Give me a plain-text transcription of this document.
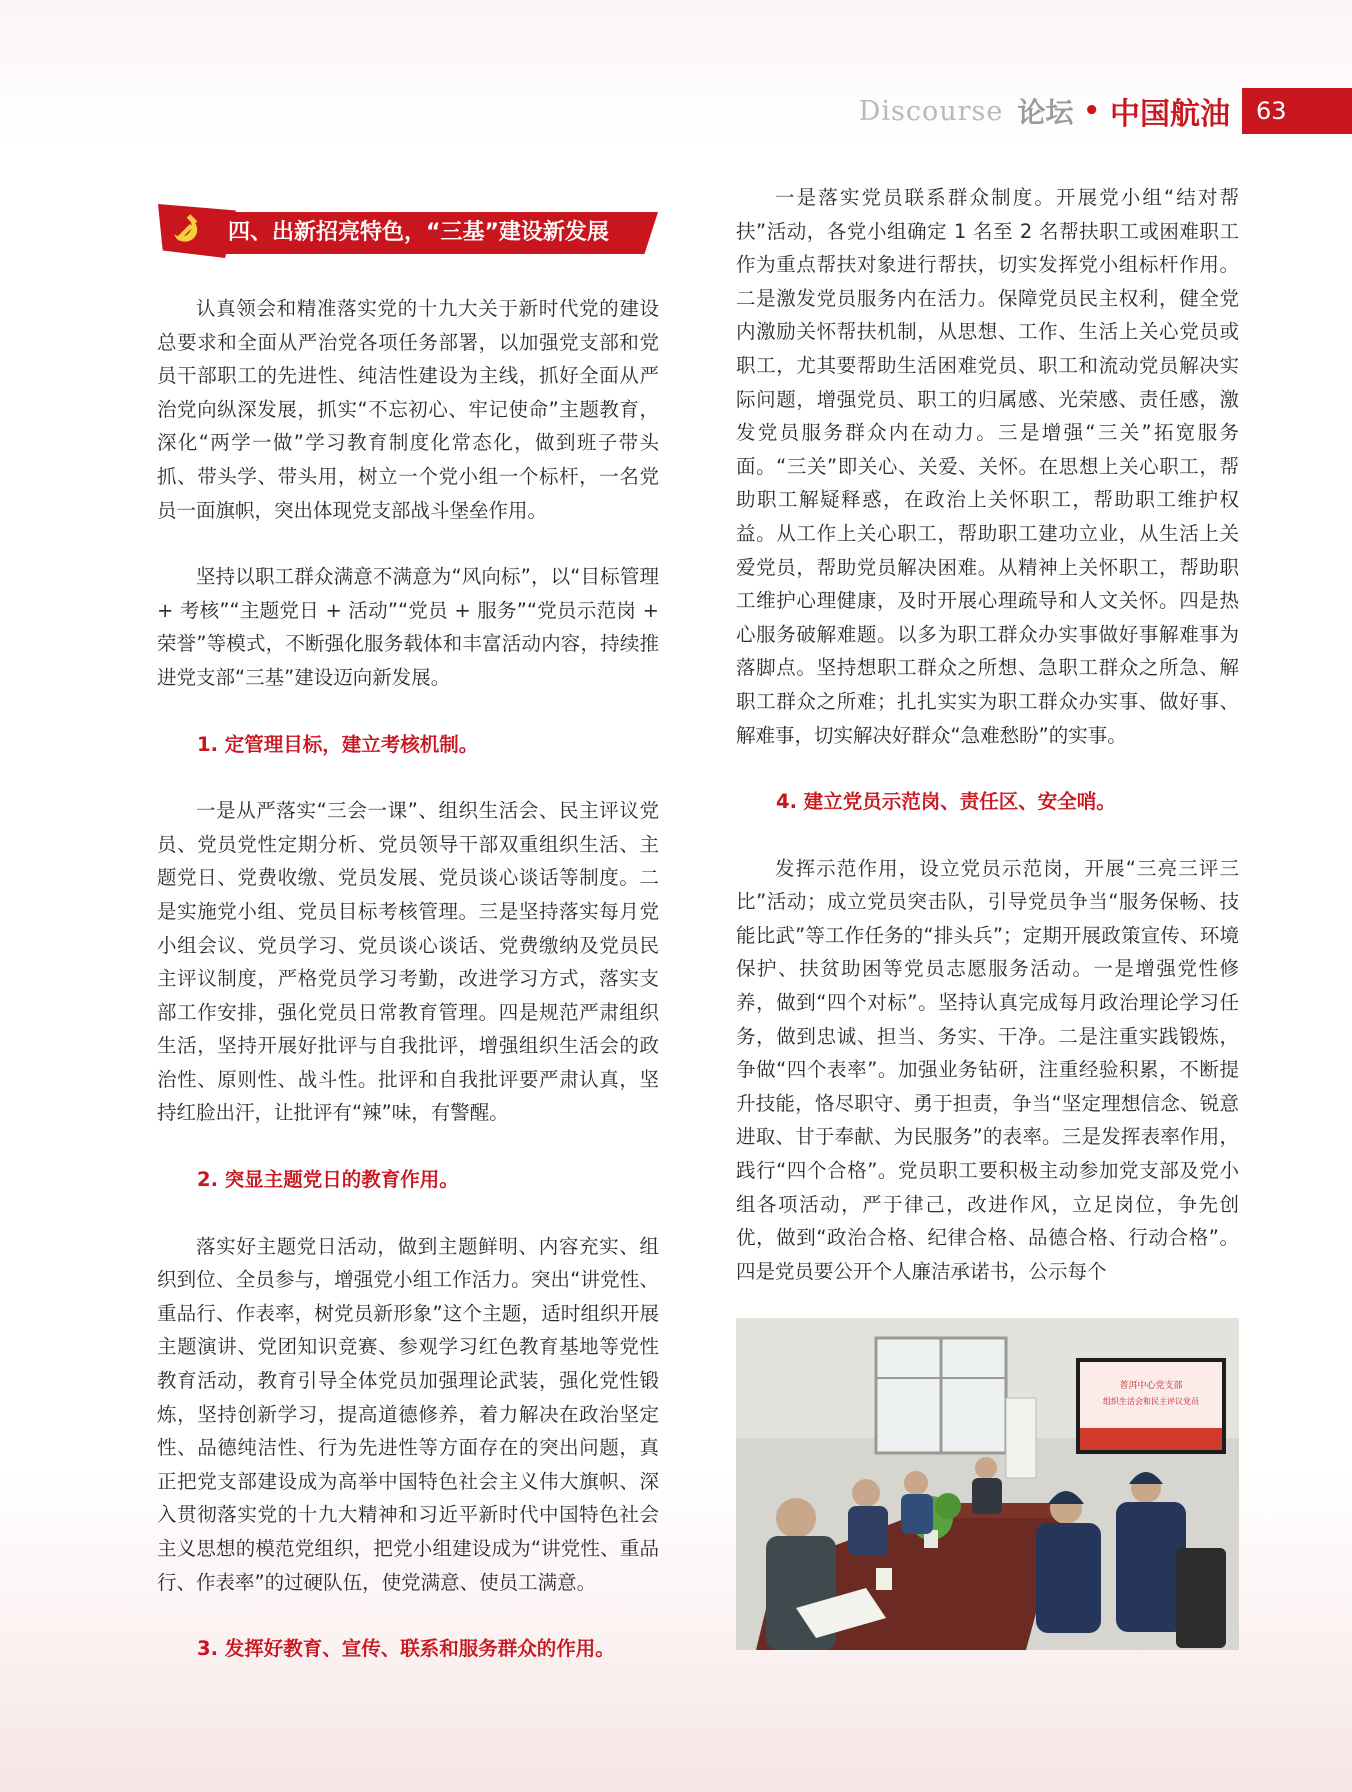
Discourse 论坛 • 中国航油	63
四、出新招亮特色，“三基”建设新发展

认真领会和精准落实党的十九大关于新时代党的建设总要求和全面从严治党各项任务部署，以加强党支部和党员干部职工的先进性、纯洁性建设为主线，抓好全面从严治党向纵深发展，抓实“不忘初心、牢记使命”主题教育，深化“两学一做”学习教育制度化常态化，做到班子带头抓、带头学、带头用，树立一个党小组一个标杆，一名党员一面旗帜，突出体现党支部战斗堡垒作用。

坚持以职工群众满意不满意为“风向标”，以“目标管理 + 考核”“主题党日 + 活动”“党员 + 服务”“党员示范岗 + 荣誉”等模式，不断强化服务载体和丰富活动内容，持续推进党支部“三基”建设迈向新发展。

1. 定管理目标，建立考核机制。

一是从严落实“三会一课”、组织生活会、民主评议党员、党员党性定期分析、党员领导干部双重组织生活、主题党日、党费收缴、党员发展、党员谈心谈话等制度。二是实施党小组、党员目标考核管理。三是坚持落实每月党小组会议、党员学习、党员谈心谈话、党费缴纳及党员民主评议制度，严格党员学习考勤，改进学习方式，落实支部工作安排，强化党员日常教育管理。四是规范严肃组织生活，坚持开展好批评与自我批评，增强组织生活会的政治性、原则性、战斗性。批评和自我批评要严肃认真，坚持红脸出汗，让批评有“辣”味，有警醒。

2. 突显主题党日的教育作用。

落实好主题党日活动，做到主题鲜明、内容充实、组织到位、全员参与，增强党小组工作活力。突出“讲党性、重品行、作表率，树党员新形象”这个主题，适时组织开展主题演讲、党团知识竞赛、参观学习红色教育基地等党性教育活动，教育引导全体党员加强理论武装，强化党性锻炼，坚持创新学习，提高道德修养，着力解决在政治坚定性、品德纯洁性、行为先进性等方面存在的突出问题，真正把党支部建设成为高举中国特色社会主义伟大旗帜、深入贯彻落实党的十九大精神和习近平新时代中国特色社会主义思想的模范党组织，把党小组建设成为“讲党性、重品行、作表率”的过硬队伍，使党满意、使员工满意。

3. 发挥好教育、宣传、联系和服务群众的作用。

一是落实党员联系群众制度。开展党小组“结对帮扶”活动，各党小组确定 1 名至 2 名帮扶职工或困难职工作为重点帮扶对象进行帮扶，切实发挥党小组标杆作用。二是激发党员服务内在活力。保障党员民主权利，健全党内激励关怀帮扶机制，从思想、工作、生活上关心党员或职工，尤其要帮助生活困难党员、职工和流动党员解决实际问题，增强党员、职工的归属感、光荣感、责任感，激发党员服务群众内在动力。三是增强“三关”拓宽服务面。“三关”即关心、关爱、关怀。在思想上关心职工，帮助职工解疑释惑，在政治上关怀职工，帮助职工维护权益。从工作上关心职工，帮助职工建功立业，从生活上关爱党员，帮助党员解决困难。从精神上关怀职工，帮助职工维护心理健康，及时开展心理疏导和人文关怀。四是热心服务破解难题。以多为职工群众办实事做好事解难事为落脚点。坚持想职工群众之所想、急职工群众之所急、解职工群众之所难；扎扎实实为职工群众办实事、做好事、解难事，切实解决好群众“急难愁盼”的实事。

4. 建立党员示范岗、责任区、安全哨。

发挥示范作用，设立党员示范岗，开展“三亮三评三比”活动；成立党员突击队，引导党员争当“服务保畅、技能比武”等工作任务的“排头兵”；定期开展政策宣传、环境保护、扶贫助困等党员志愿服务活动。一是增强党性修养，做到“四个对标”。坚持认真完成每月政治理论学习任务，做到忠诚、担当、务实、干净。二是注重实践锻炼，争做“四个表率”。加强业务钻研，注重经验积累，不断提升技能，恪尽职守、勇于担责，争当“坚定理想信念、锐意进取、甘于奉献、为民服务”的表率。三是发挥表率作用，践行“四个合格”。党员职工要积极主动参加党支部及党小组各项活动，严于律己，改进作风，立足岗位，争先创优，做到“政治合格、纪律合格、品德合格、行动合格”。四是党员要公开个人廉洁承诺书，公示每个

普洱中心党支部
组织生活会和民主评议党员
